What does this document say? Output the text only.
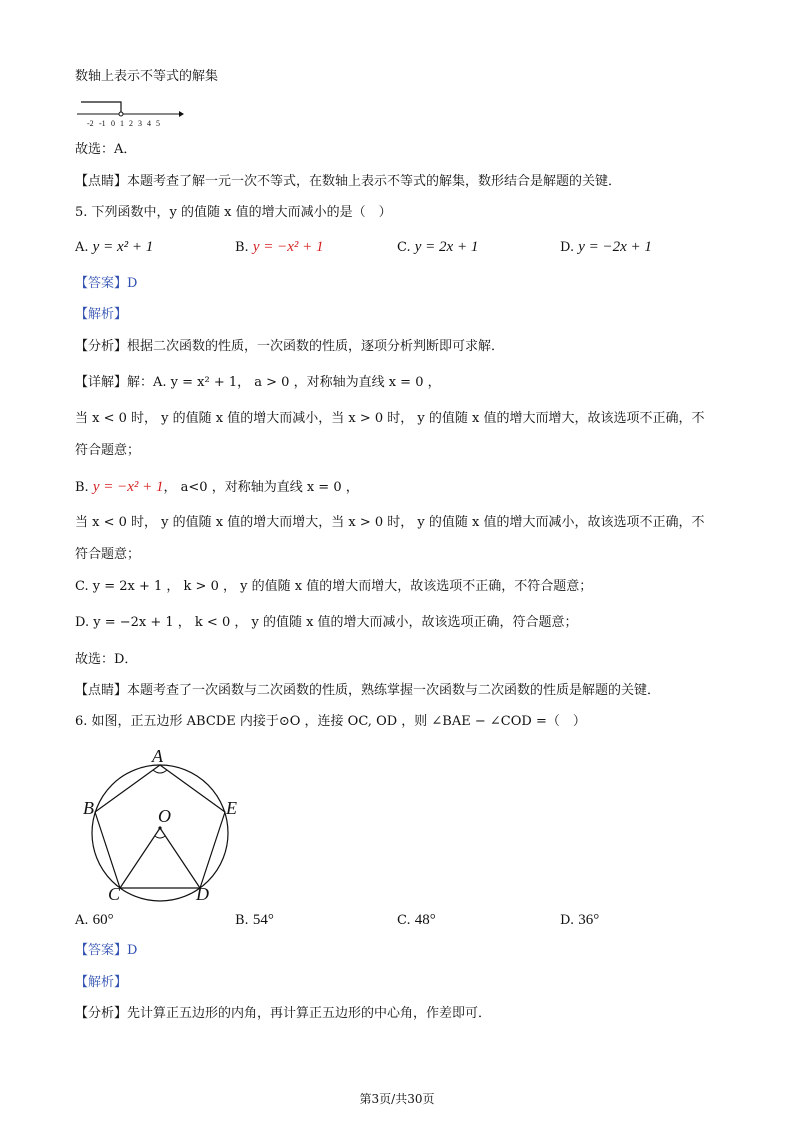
数轴上表示不等式的解集
-2 -1 0 1 2 3 4 5
故选：A．
【点睛】本题考查了解一元一次不等式，在数轴上表示不等式的解集，数形结合是解题的关键．
5. 下列函数中，y 的值随 x 值的增大而减小的是（　）
A. y = x² + 1	B. y = −x² + 1	C. y = 2x + 1	D. y = −2x + 1
【答案】D
【解析】
【分析】根据二次函数的性质，一次函数的性质，逐项分析判断即可求解．
【详解】解：A. y = x² + 1， a > 0 ，对称轴为直线 x = 0 ，
当 x < 0 时， y 的值随 x 值的增大而减小，当 x > 0 时， y 的值随 x 值的增大而增大，故该选项不正确，不
符合题意；
B. y = −x² + 1， a<0 ，对称轴为直线 x = 0 ，
当 x < 0 时， y 的值随 x 值的增大而增大，当 x > 0 时， y 的值随 x 值的增大而减小，故该选项不正确，不
符合题意；
C. y = 2x + 1 ， k > 0 ， y 的值随 x 值的增大而增大，故该选项不正确，不符合题意；
D. y = −2x + 1 ， k < 0 ， y 的值随 x 值的增大而减小，故该选项正确，符合题意；
故选：D．
【点睛】本题考查了一次函数与二次函数的性质，熟练掌握一次函数与二次函数的性质是解题的关键．
6. 如图，正五边形 ABCDE 内接于⊙O ，连接 OC, OD ，则 ∠BAE − ∠COD =（　）
A
B
C	D
E
O
A. 60°	B. 54°	C. 48°	D. 36°
【答案】D
【解析】
【分析】先计算正五边形的内角，再计算正五边形的中心角，作差即可．
第3页/共30页
